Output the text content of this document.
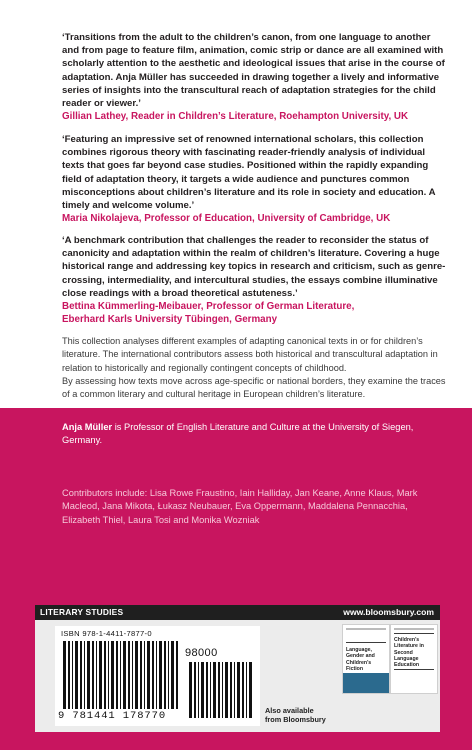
‘Transitions from the adult to the children’s canon, from one language to another and from page to feature film, animation, comic strip or dance are all examined with scholarly attention to the aesthetic and ideological issues that arise in the course of adaptation. Anja Müller has succeeded in drawing together a lively and informative series of insights into the transcultural reach of adaptation strategies for the child reader or viewer.’
Gillian Lathey, Reader in Children’s Literature, Roehampton University, UK
‘Featuring an impressive set of renowned international scholars, this collection combines rigorous theory with fascinating reader-friendly analysis of individual texts that goes far beyond case studies. Positioned within the rapidly expanding field of adaptation theory, it targets a wide audience and punctures common misconceptions about children’s literature and its role in society and education. A timely and welcome volume.’
Maria Nikolajeva, Professor of Education, University of Cambridge, UK
‘A benchmark contribution that challenges the reader to reconsider the status of canonicity and adaptation within the realm of children’s literature. Covering a huge historical range and addressing key topics in research and criticism, such as genre-crossing, intermediality, and intercultural studies, the essays combine illuminative close readings with a broad theoretical astuteness.’
Bettina Kümmerling-Meibauer, Professor of German Literature,
Eberhard Karls University Tübingen, Germany
This collection analyses different examples of adapting canonical texts in or for children’s literature. The international contributors assess both historical and transcultural adaptation in relation to historically and regionally contingent concepts of childhood.
By assessing how texts move across age-specific or national borders, they examine the traces of a common literary and cultural heritage in European children’s literature.
Anja Müller is Professor of English Literature and Culture at the University of Siegen, Germany.
Contributors include: Lisa Rowe Fraustino, Iain Halliday, Jan Keane, Anne Klaus, Mark Macleod, Jana Mikota, Łukasz Neubauer, Eva Oppermann, Maddalena Pennacchia, Elizabeth Thiel, Laura Tosi and Monika Wozniak
LITERARY STUDIES	www.bloomsbury.com
ISBN 978-1-4411-7877-0
98000
9 781441 178770	Also available
from Bloomsbury
Language, Gender and Children’s Fiction
Children’s Literature in Second Language Education
